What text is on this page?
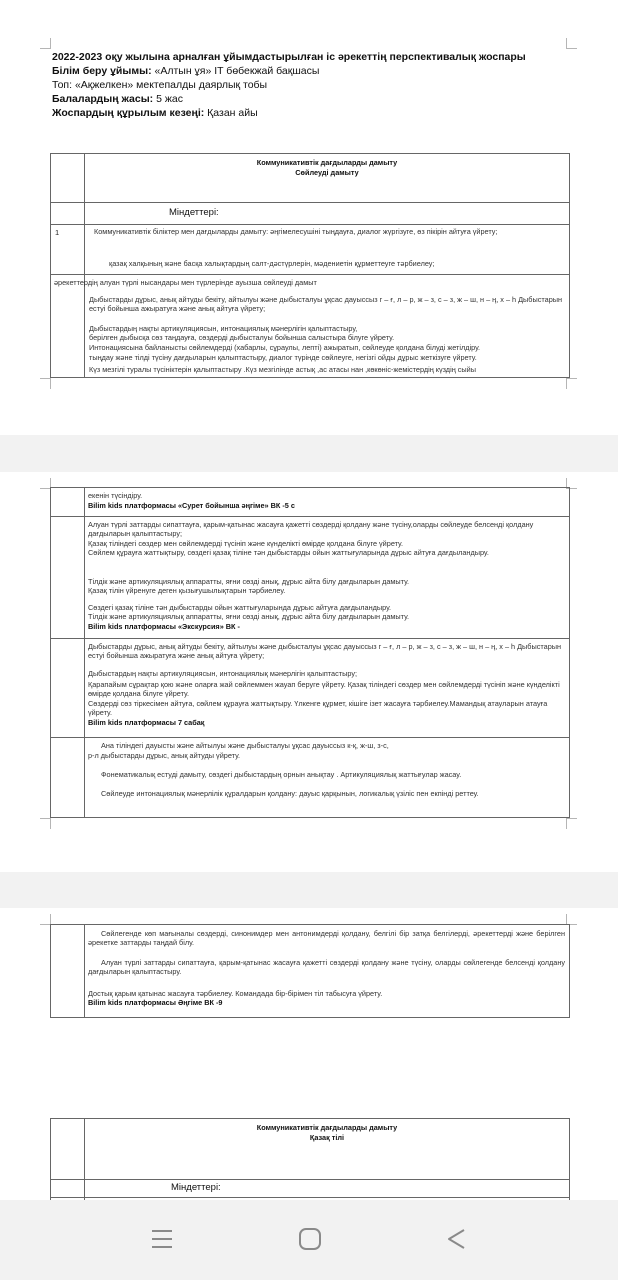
2022-2023 оқу жылына арналған ұйымдастырылған іс әрекеттің перспективалық жоспары
Білім беру ұйымы: «Алтын ұя» IT бөбекжай бақшасы
Топ: «Ақжелкен» мектепалды даярлық тобы
Балалардың жасы: 5 жас
Жоспардың құрылым кезеңі: Қазан айы
Коммуникативтік дағдыларды дамыту
Сөйлеуді дамыту
Міндеттері:
1	Коммуникативтік біліктер мен дағдыларды дамыту: әңгімелесушіні тыңдауға, диалог жүргізуге, өз пікірін айтуға үйрету;
қазақ халқының және басқа халықтардың салт-дәстүрлерін, мәдениетін құрметтеуге тәрбиелеу;
әрекеттердің алуан түрлі нысандары мен түрлерінде ауызша сөйлеуді дамыт
Дыбыстарды дұрыс, анық айтуды бекіту, айтылуы және дыбысталуы ұқсас дауыссыз г – ғ, л – р, ж – з, с – з, ж – ш, н – ң, х – h Дыбыстарын естуі бойынша ажыратуға және анық айтуға үйрету;
Дыбыстардың нақты артикуляциясын, интонациялық мәнерлігін қалыптастыру,
берілген дыбысқа сөз таңдауға, сөздерді дыбысталуы бойынша салыстыра білуге үйрету.
Интонациясына байланысты сөйлемдерді (хабарлы, сұраулы, лепті) ажыратып, сөйлеуде қолдана білуді жетілдіру.
тыңдау және тілді түсіну дағдыларын қалыптастыру, диалог түрінде сөйлеуге, негізгі ойды дұрыс жеткізуге үйрету.
Күз мезгілі туралы түсініктерін қалыптастыру .Күз мезгілінде астық ,ас атасы нан ,көкөніс-жемістердің күздің сыйы
екенін түсіндіру.
Bilim kids платформасы «Сурет бойынша әңгіме» ВК -5 с
Алуан түрлі заттарды сипаттауға, қарым-қатынас жасауға қажетті сөздерді қолдану және түсіну,оларды сөйлеуде белсенді қолдану дағдыларын қалыптастыру;
Қазақ тіліндегі сөздер мен сөйлемдерді түсініп және күнделікті өмірде қолдана білуге үйрету.
Сөйлем құрауға жаттықтыру, сөздегі қазақ тіліне тән дыбыстарды ойын жаттығуларында дұрыс айтуға дағдыландыру.
Тілдік және артикуляциялық аппаратты, яғни сөзді анық, дұрыс айта білу дағдыларын дамыту.
Қазақ тілін үйренуге деген қызығушылықтарын тәрбиелеу.
Сөздегі қазақ тіліне тән дыбыстарды ойын жаттығуларында дұрыс айтуға дағдыландыру.
Тілдік және артикуляциялық аппаратты, яғни сөзді анық, дұрыс айта білу дағдыларын дамыту.
Bilim kids платформасы «Экскурсия» ВК -
Дыбыстарды дұрыс, анық айтуды бекіту, айтылуы және дыбысталуы ұқсас дауыссыз г – ғ, л – р, ж – з, с – з, ж – ш, н – ң, х – h Дыбыстарын естуі бойынша ажыратуға және анық айтуға үйрету;
Дыбыстардың нақты артикуляциясын, интонациялық мәнерлігін қалыптастыру;
Қарапайым сұрақтар қою және оларға жай сөйлеммен жауап беруге үйрету. Қазақ тіліндегі сөздер мен сөйлемдерді түсініп және күнделікті өмірде қолдана білуге үйрету.
Сөздерді сөз тіркесімен айтуға, сөйлем құрауға жаттықтыру. Үлкенге құрмет, кішіге ізет жасауға тәрбиелеу.Мамандық атауларын атауға үйрету.
Bilim kids платформасы 7 сабақ
Ана тіліндегі дауысты және айтылуы және дыбысталуы ұқсас дауыссыз к-қ, ж-ш, з-с,
р-л дыбыстарды дұрыс, анық айтуды үйрету.
Фонематикалық естуді дамыту, сөздегі дыбыстардың орнын анықтау . Артикуляциялық жаттығулар жасау.
Сөйлеуде интонациялық мәнерлілік құралдарын қолдану: дауыс қарқынын, логикалық үзіліс пен екпінді реттеу.
Сөйлегенде көп мағыналы сөздерді, синонимдер мен антонимдерді қолдану, белгілі бір затқа белгілерді, әрекеттерді және берілген әрекетке заттарды таңдай білу.
Алуан түрлі заттарды сипаттауға, қарым-қатынас жасауға қажетті сөздерді қолдану және түсіну, оларды сөйлегенде белсенді қолдану дағдыларын қалыптастыру.
Достық қарым қатынас жасауға тәрбиелеу. Командада бір-бірімен тіл табысуға үйрету.
Bilim kids платформасы Әңгіме ВК -9
Коммуникативтік дағдыларды дамыту
Қазақ тілі
Міндеттері:
